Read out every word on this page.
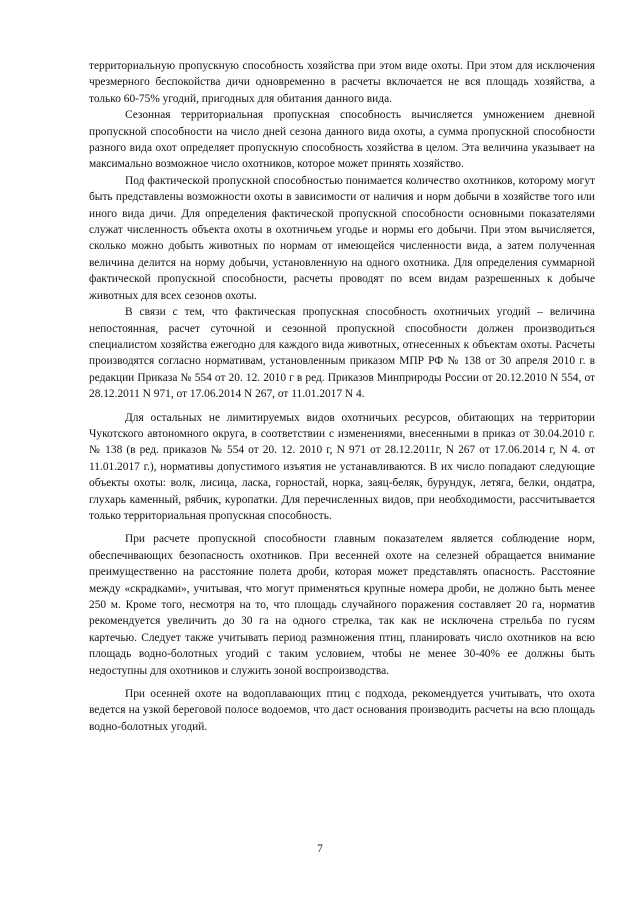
территориальную пропускную способность хозяйства при этом виде охоты. При этом для исключения чрезмерного беспокойства дичи одновременно в расчеты включается не вся площадь хозяйства, а только 60-75% угодий, пригодных для обитания данного вида.

Сезонная территориальная пропускная способность вычисляется умножением дневной пропускной способности на число дней сезона данного вида охоты, а сумма пропускной способности разного вида охот определяет пропускную способность хозяйства в целом. Эта величина указывает на максимально возможное число охотников, которое может принять хозяйство.

Под фактической пропускной способностью понимается количество охотников, которому могут быть представлены возможности охоты в зависимости от наличия и норм добычи в хозяйстве того или иного вида дичи. Для определения фактической пропускной способности основными показателями служат численность объекта охоты в охотничьем угодье и нормы его добычи. При этом вычисляется, сколько можно добыть животных по нормам от имеющейся численности вида, а затем полученная величина делится на норму добычи, установленную на одного охотника. Для определения суммарной фактической пропускной способности, расчеты проводят по всем видам разрешенных к добыче животных для всех сезонов охоты.

В связи с тем, что фактическая пропускная способность охотничьих угодий – величина непостоянная, расчет суточной и сезонной пропускной способности должен производиться специалистом хозяйства ежегодно для каждого вида животных, отнесенных к объектам охоты. Расчеты производятся согласно нормативам, установленным приказом МПР РФ № 138 от 30 апреля 2010 г. в редакции Приказа № 554 от 20. 12. 2010 г в ред. Приказов Минприроды России от 20.12.2010 N 554, от 28.12.2011 N 971, от 17.06.2014 N 267, от 11.01.2017 N 4.

Для остальных не лимитируемых видов охотничьих ресурсов, обитающих на территории Чукотского автономного округа, в соответствии с изменениями, внесенными в приказ от 30.04.2010 г. № 138 (в ред. приказов № 554 от 20. 12. 2010 г, N 971 от 28.12.2011г, N 267 от 17.06.2014 г, N 4. от 11.01.2017 г.), нормативы допустимого изъятия не устанавливаются. В их число попадают следующие объекты охоты: волк, лисица, ласка, горностай, норка, заяц-беляк, бурундук, летяга, белки, ондатра, глухарь каменный, рябчик, куропатки. Для перечисленных видов, при необходимости, рассчитывается только территориальная пропускная способность.

При расчете пропускной способности главным показателем является соблюдение норм, обеспечивающих безопасность охотников. При весенней охоте на селезней обращается внимание преимущественно на расстояние полета дроби, которая может представлять опасность. Расстояние между «скрадками», учитывая, что могут применяться крупные номера дроби, не должно быть менее 250 м. Кроме того, несмотря на то, что площадь случайного поражения составляет 20 га, норматив рекомендуется увеличить до 30 га на одного стрелка, так как не исключена стрельба по гусям картечью. Следует также учитывать период размножения птиц, планировать число охотников на всю площадь водно-болотных угодий с таким условием, чтобы не менее 30-40% ее должны быть недоступны для охотников и служить зоной воспроизводства.

При осенней охоте на водоплавающих птиц с подхода, рекомендуется учитывать, что охота ведется на узкой береговой полосе водоемов, что даст основания производить расчеты на всю площадь водно-болотных угодий.

7
